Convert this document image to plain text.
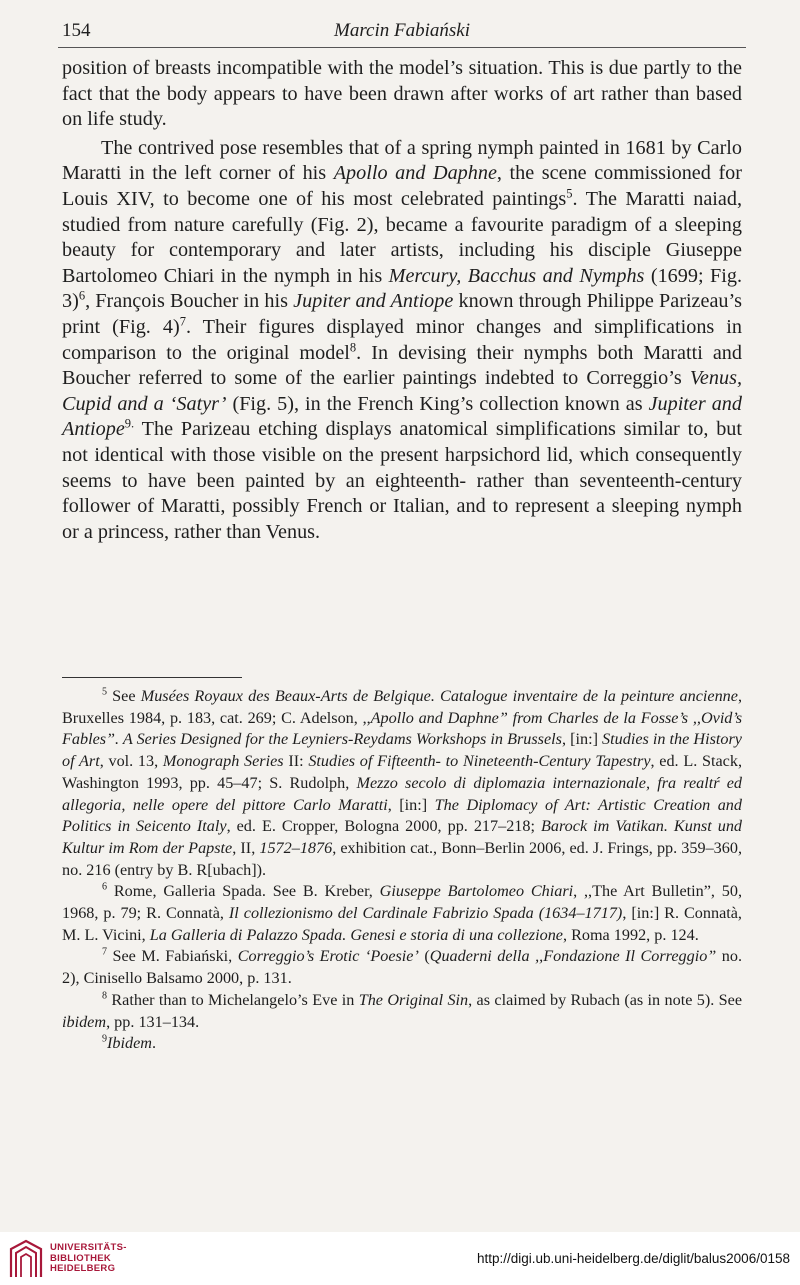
154	Marcin Fabiański

position of breasts incompatible with the model’s situation. This is due partly to the fact that the body appears to have been drawn after works of art rather than based on life study.

The contrived pose resembles that of a spring nymph painted in 1681 by Carlo Maratti in the left corner of his Apollo and Daphne, the scene commissioned for Louis XIV, to become one of his most celebrated paintings$^5$. The Maratti naiad, studied from nature carefully (Fig. 2), became a favourite paradigm of a sleeping beauty for contemporary and later artists, including his disciple Giuseppe Bartolomeo Chiari in the nymph in his Mercury, Bacchus and Nymphs (1699; Fig. 3)$^6$, François Boucher in his Jupiter and Antiope known through Philippe Parizeau’s print (Fig. 4)$^7$. Their figures displayed minor changes and simplifications in comparison to the original model$^8$. In devising their nymphs both Maratti and Boucher referred to some of the earlier paintings indebted to Correggio’s Venus, Cupid and a ‘Satyr’ (Fig. 5), in the French King’s collection known as Jupiter and Antiope$^{9.}$ The Parizeau etching displays anatomical simplifications similar to, but not identical with those visible on the present harpsichord lid, which consequently seems to have been painted by an eighteenth- rather than seventeenth-century follower of Maratti, possibly French or Italian, and to represent a sleeping nymph or a princess, rather than Venus.

$^5$ See Musées Royaux des Beaux-Arts de Belgique. Catalogue inventaire de la peinture ancienne, Bruxelles 1984, p. 183, cat. 269; C. Adelson, ,,Apollo and Daphne” from Charles de la Fosse’s ,,Ovid’s Fables”. A Series Designed for the Leyniers-Reydams Workshops in Brussels, [in:] Studies in the History of Art, vol. 13, Monograph Series II: Studies of Fifteenth- to Nineteenth-Century Tapestry, ed. L. Stack, Washington 1993, pp. 45–47; S. Rudolph, Mezzo secolo di diplomazia internazionale, fra realtŕ ed allegoria, nelle opere del pittore Carlo Maratti, [in:] The Diplomacy of Art: Artistic Creation and Politics in Seicento Italy, ed. E. Cropper, Bologna 2000, pp. 217–218; Barock im Vatikan. Kunst und Kultur im Rom der Papste, II, 1572–1876, exhibition cat., Bonn–Berlin 2006, ed. J. Frings, pp. 359–360, no. 216 (entry by B. R[ubach]).

$^6$ Rome, Galleria Spada. See B. Kreber, Giuseppe Bartolomeo Chiari, ,,The Art Bulletin”, 50, 1968, p. 79; R. Connatà, Il collezionismo del Cardinale Fabrizio Spada (1634–1717), [in:] R. Connatà, M. L. Vicini, La Galleria di Palazzo Spada. Genesi e storia di una collezione, Roma 1992, p. 124.

$^7$ See M. Fabiański, Correggio’s Erotic ‘Poesie’ (Quaderni della ,,Fondazione Il Correggio” no. 2), Cinisello Balsamo 2000, p. 131.

$^8$ Rather than to Michelangelo’s Eve in The Original Sin, as claimed by Rubach (as in note 5). See ibidem, pp. 131–134.

$^9$Ibidem.

UNIVERSITÄTS-
BIBLIOTHEK
HEIDELBERG
http://digi.ub.uni-heidelberg.de/diglit/balus2006/0158
